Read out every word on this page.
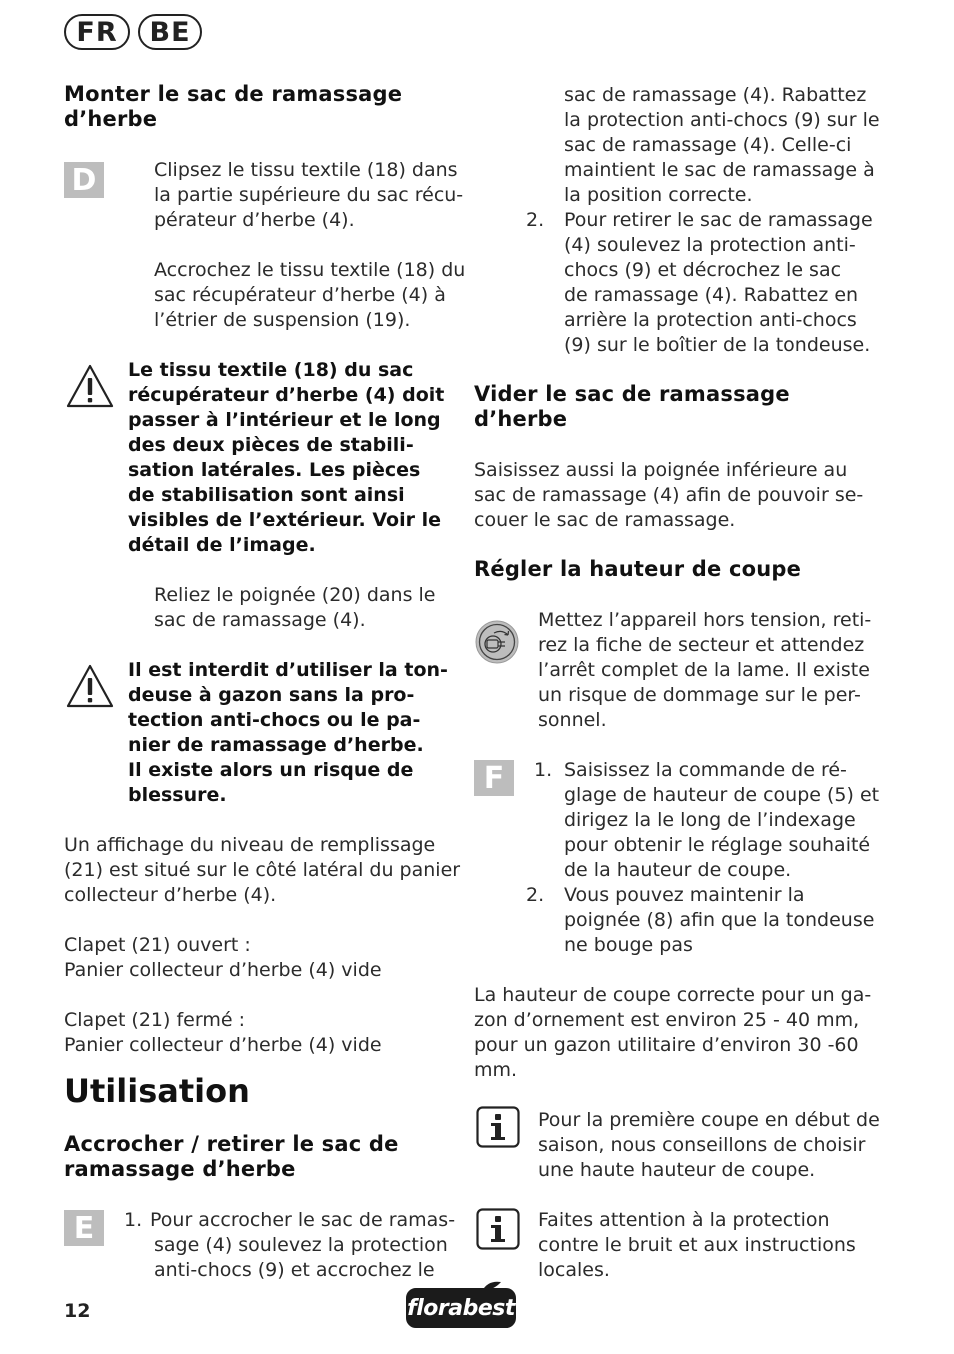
FR	BE
Monter le sac de ramassage
d’herbe
D	Clipsez le tissu textile (18) dans
la partie supérieure du sac récu-
pérateur d’herbe (4).

Accrochez le tissu textile (18) du
sac récupérateur d’herbe (4) à
l’étrier de suspension (19).

Le tissu textile (18) du sac
récupérateur d’herbe (4) doit
passer à l’intérieur et le long
des deux pièces de stabili-
sation latérales. Les pièces
de stabilisation sont ainsi
visibles de l’extérieur. Voir le
détail de l’image.

Reliez le poignée (20) dans le
sac de ramassage (4).

Il est interdit d’utiliser la ton-
deuse à gazon sans la pro-
tection anti-chocs ou le pa-
nier de ramassage d’herbe.
Il existe alors un risque de
blessure.

Un affichage du niveau de remplissage
(21) est situé sur le côté latéral du panier
collecteur d’herbe (4).

Clapet (21) ouvert :
Panier collecteur d’herbe (4) vide

Clapet (21) fermé :
Panier collecteur d’herbe (4) vide

Utilisation
Accrocher / retirer le sac de
ramassage d’herbe
E	1. Pour accrocher le sac de ramas-
sage (4) soulevez la protection
anti-chocs (9) et accrochez le

sac de ramassage (4). Rabattez
la protection anti-chocs (9) sur le
sac de ramassage (4). Celle-ci
maintient le sac de ramassage à
la position correcte.

2. Pour retirer le sac de ramassage
(4) soulevez la protection anti-
chocs (9) et décrochez le sac
de ramassage (4). Rabattez en
arrière la protection anti-chocs
(9) sur le boîtier de la tondeuse.

Vider le sac de ramassage
d’herbe

Saisissez aussi la poignée inférieure au
sac de ramassage (4) afin de pouvoir se-
couer le sac de ramassage.

Régler la hauteur de coupe

Mettez l’appareil hors tension, reti-
rez la fiche de secteur et attendez
l’arrêt complet de la lame. Il existe
un risque de dommage sur le per-
sonnel.

F	1. Saisissez la commande de ré-
glage de hauteur de coupe (5) et
dirigez la le long de l’indexage
pour obtenir le réglage souhaité
de la hauteur de coupe.

2. Vous pouvez maintenir la
poignée (8) afin que la tondeuse
ne bouge pas

La hauteur de coupe correcte pour un ga-
zon d’ornement est environ 25 - 40 mm,
pour un gazon utilitaire d’environ 30 -60
mm.

Pour la première coupe en début de
saison, nous conseillons de choisir
une haute hauteur de coupe.

Faites attention à la protection
contre le bruit et aux instructions
locales.

12	florabest
